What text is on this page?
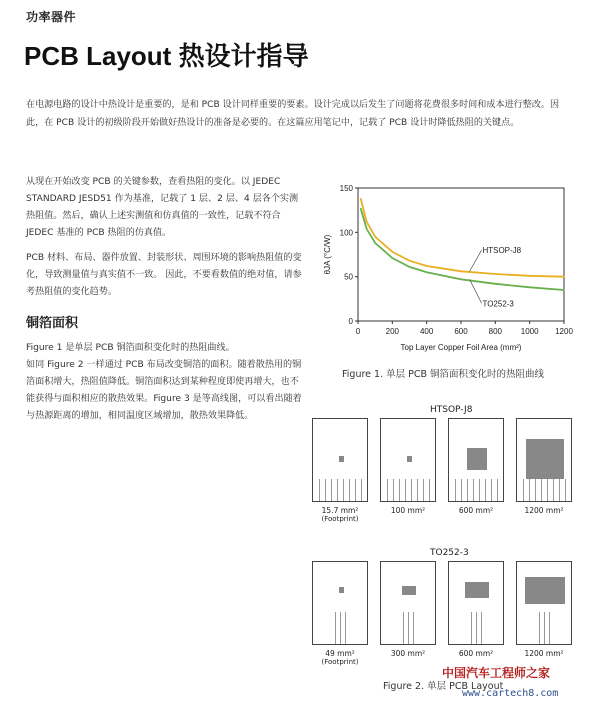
功率器件
PCB Layout 热设计指导
在电源电路的设计中热设计是重要的，是和 PCB 设计同样重要的要素。设计完成以后发生了问题将花费很多时间和成本进行整改。因此，在 PCB 设计的初级阶段开始做好热设计的准备是必要的。在这篇应用笔记中，记载了 PCB 设计时降低热阻的关键点。

从现在开始改变 PCB 的关键参数，查看热阻的变化。以 JEDEC STANDARD JESD51 作为基准，记载了 1 层、2 层、4 层各个实测热阻值。然后，确认上述实测值和仿真值的一致性，记载不符合 JEDEC 基准的 PCB 热阻的仿真值。

PCB 材料、布局、器件放置、封装形状、周围环境的影响热阻值的变化，导致测量值与真实值不一致。 因此，不要看数值的绝对值，请参考热阻值的变化趋势。

铜箔面积

Figure 1 是单层 PCB 铜箔面积变化时的热阻曲线。

如同 Figure 2 一样通过 PCB 布局改变铜箔的面积。随着散热用的铜箔面积增大，热阻值降低。铜箔面积达到某种程度即使再增大，也不能获得与面积相应的散热效果。Figure 3 是等高线图，可以看出随着与热源距离的增加，相同温度区域增加，散热效果降低。

0	200	400	600	800 1000 1200
0
50
100
150
Top Layer Copper Foil Area (mm²)
θJA (°C/W)	HTSOP-J8
TO252-3
Figure 1. 单层 PCB 铜箔面积变化时的热阻曲线
HTSOP-J8
15.7 mm²
(Footprint)
100 mm²	600 mm²	1200 mm²
TO252-3
49 mm²
(Footprint)
300 mm²	600 mm²	1200 mm²
Figure 2. 单层 PCB Layout
中国汽车工程师之家
www.cartech8.com
